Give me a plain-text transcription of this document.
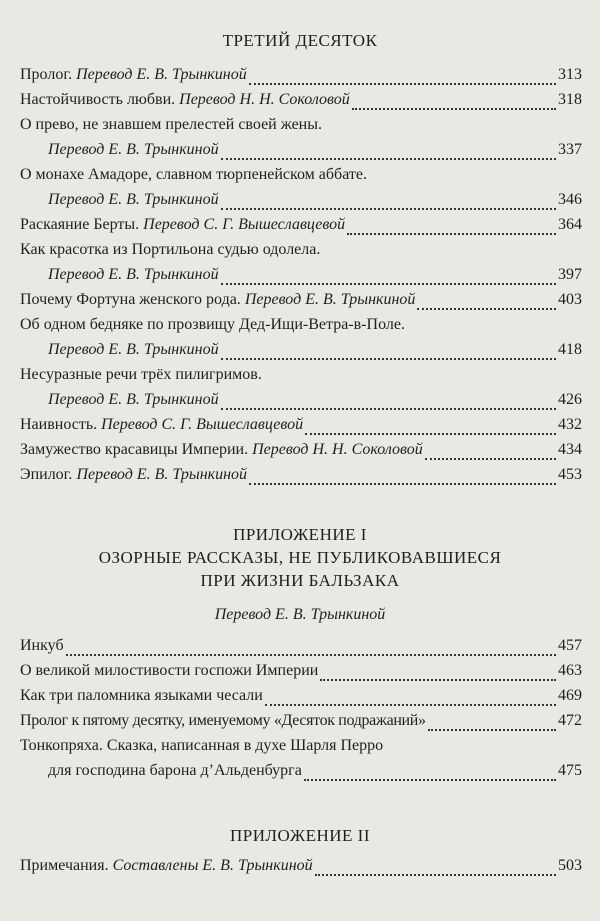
ТРЕТИЙ ДЕСЯТОК
Пролог. Перевод Е. В. Трынкиной	313
Настойчивость любви. Перевод Н. Н. Соколовой	318
О прево, не знавшем прелестей своей жены.
Перевод Е. В. Трынкиной	337
О монахе Амадоре, славном тюрпенейском аббате.
Перевод Е. В. Трынкиной	346
Раскаяние Берты. Перевод С. Г. Вышеславцевой	364
Как красотка из Портильона судью одолела.
Перевод Е. В. Трынкиной	397
Почему Фортуна женского рода. Перевод Е. В. Трынкиной	403
Об одном бедняке по прозвищу Дед-Ищи-Ветра-в-Поле.
Перевод Е. В. Трынкиной	418
Несуразные речи трёх пилигримов.
Перевод Е. В. Трынкиной	426
Наивность. Перевод С. Г. Вышеславцевой	432
Замужество красавицы Империи. Перевод Н. Н. Соколовой	434
Эпилог. Перевод Е. В. Трынкиной	453
ПРИЛОЖЕНИЕ I
ОЗОРНЫЕ РАССКАЗЫ, НЕ ПУБЛИКОВАВШИЕСЯ
ПРИ ЖИЗНИ БАЛЬЗАКА
Перевод Е. В. Трынкиной
Инкуб	457
О великой милостивости госпожи Империи	463
Как три паломника языками чесали	469
Пролог к пятому десятку, именуемому «Десяток подражаний»	472
Тонкопряха. Сказка, написанная в духе Шарля Перро
для господина барона д’Альденбурга	475
ПРИЛОЖЕНИЕ II
Примечания. Составлены Е. В. Трынкиной	503
